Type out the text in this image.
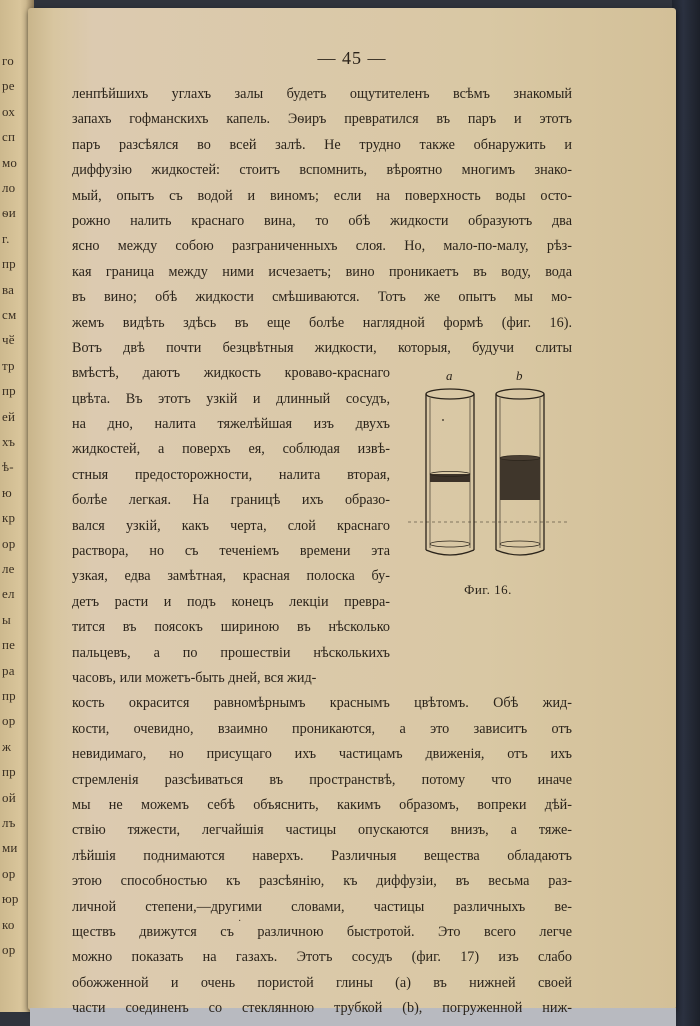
го
ре
ох
сп
мо
ло
ѳи
г.
пр
ва
см
чӗ
тр
пр
ей
хъ
ѣ-
ю
кр
ор
ле
ел
ы
пе
ра
пр
ор
ж
пр
ой
лъ
ми
ор
юр
ко
ор
— 45 —
ленпѣйшихъ углахъ залы будетъ ощутителенъ всѣмъ знакомый
запахъ гофманскихъ капель. Эѳиръ превратился въ паръ и этотъ
паръ разсѣялся во всей залѣ. Не трудно также обнаружить и
диффузію жидкостей: стоитъ вспомнить, вѣроятно многимъ знако-
мый, опытъ съ водой и виномъ; если на поверхность воды осто-
рожно налить краснаго вина, то обѣ жидкости образуютъ два
ясно между собою разграниченныхъ слоя. Но, мало-по-малу, рѣз-
кая граница между ними исчезаетъ; вино проникаетъ въ воду, вода
въ вино; обѣ жидкости смѣшиваются. Тотъ же опытъ мы мо-
жемъ видѣть здѣсь въ еще болѣе наглядной формѣ (фиг. 16).
Вотъ двѣ почти безцвѣтныя жидкости, которыя, будучи слиты
вмѣстѣ, даютъ жидкость кроваво-краснаго
цвѣта. Въ этотъ узкій и длинный сосудъ,
на дно, налита тяжелѣйшая изъ двухъ
жидкостей, а поверхъ ея, соблюдая извѣ-
стныя предосторожности, налита вторая,
болѣе легкая. На границѣ ихъ образо-
вался узкій, какъ черта, слой краснаго
раствора, но съ теченіемъ времени эта
узкая, едва замѣтная, красная полоска бу-
детъ расти и подъ конецъ лекціи превра-
тится въ поясокъ шириною въ нѣсколько
пальцевъ, а по прошествіи нѣсколькихъ
часовъ, или можетъ-быть дней, вся жид-
кость окрасится равномѣрнымъ краснымъ цвѣтомъ. Обѣ жид-
кости, очевидно, взаимно проникаются, а это зависитъ отъ
невидимаго, но присущаго ихъ частицамъ движенія, отъ ихъ
стремленія разсѣиваться въ пространствѣ, потому что иначе
мы не можемъ себѣ объяснить, какимъ образомъ, вопреки дѣй-
ствію тяжести, легчайшія частицы опускаются внизъ, а тяже-
лѣйшія поднимаются наверхъ. Различныя вещества обладаютъ
этою способностью къ разсѣянію, къ диффузіи, въ весьма раз-
личной степени,—другими словами, частицы различныхъ ве-
ществъ движутся съ различною быстротой. Это всего легче
можно показать на газахъ. Этотъ сосудъ (фиг. 17) изъ слабо
обожженной и очень пористой глины (a) въ нижней своей
части соединенъ со стеклянною трубкой (b), погруженной ниж-
a	b
Фиг. 16.
·
